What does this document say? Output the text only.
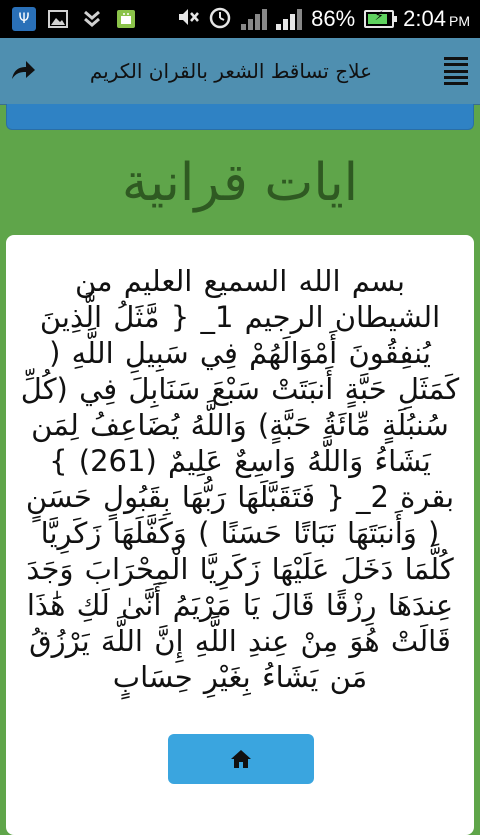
Ψ	86%	⚡ 2:04 PM
علاج تساقط الشعر بالقران الكريم
ايات قرانية
بسم الله السميع العليم من الشيطان الرجيم 1_ { مَّثَلُ الَّذِينَ يُنفِقُونَ أَمْوَالَهُمْ فِي سَبِيلِ اللَّهِ ( كَمَثَلِ حَبَّةٍ أَنبَتَتْ سَبْعَ سَنَابِلَ فِي (كُلِّ سُنبُلَةٍ مِّائَةُ حَبَّةٍ) وَاللَّهُ يُضَاعِفُ لِمَن يَشَاءُ وَاللَّهُ وَاسِعٌ عَلِيمٌ (261) } بقرة 2_ { فَتَقَبَّلَهَا رَبُّهَا بِقَبُولٍ حَسَنٍ ( وَأَنبَتَهَا نَبَاتًا حَسَنًا ) وَكَفَّلَهَا زَكَرِيَّا كُلَّمَا دَخَلَ عَلَيْهَا زَكَرِيَّا الْمِحْرَابَ وَجَدَ عِندَهَا رِزْقًا قَالَ يَا مَرْيَمُ أَنَّىٰ لَكِ هَٰذَا قَالَتْ هُوَ مِنْ عِندِ اللَّهِ إِنَّ اللَّهَ يَرْزُقُ مَن يَشَاءُ بِغَيْرِ حِسَابٍ
